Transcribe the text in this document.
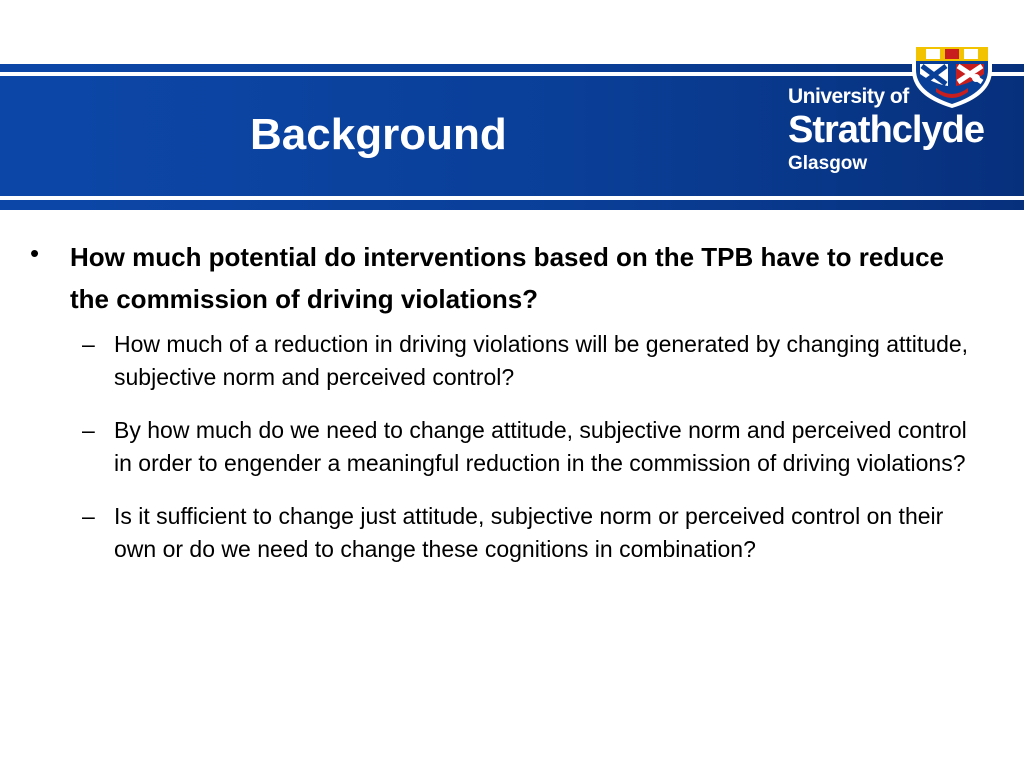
Background
University of
Strathclyde
Glasgow
• How much potential do interventions based on the TPB have to reduce the commission of driving violations?
– How much of a reduction in driving violations will be generated by changing attitude, subjective norm and perceived control?
– By how much do we need to change attitude, subjective norm and perceived control in order to engender a meaningful reduction in the commission of driving violations?
– Is it sufficient to change just attitude, subjective norm or perceived control on their own or do we need to change these cognitions in combination?
